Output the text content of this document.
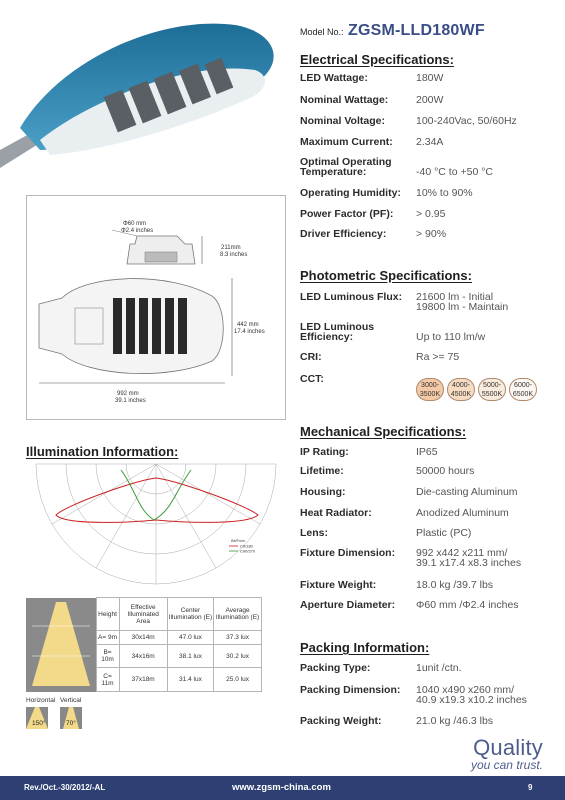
Φ60 mm
Φ2.4 inches
211mm
8.3 inches
442 mm
17.4 inches
992 mm
39.1 inches
Model No.: ZGSM-LLD180WF
Electrical Specifications:
LED Wattage:	180W
Nominal Wattage:	200W
Nominal Voltage:	100-240Vac, 50/60Hz
Maximum Current: 2.34A
Optimal Operating
Temperature:	-40 °C to +50 °C
Operating Humidity: 10% to 90%
Power Factor (PF): > 0.95
Driver Efficiency:	> 90%
Photometric Specifications:
LED Luminous Flux: 21600 lm - Initial
19800 lm - Maintain
LED Luminous
Efficiency:	Up to 110 lm/w
CRI:	Ra >= 75
CCT:
3000-
3500K
4000-
4500K
5000-
5500K
6000-
6500K
Mechanical Specifications:
IP Rating:	IP65
Lifetime:	50000 hours
Housing:	Die-casting Aluminum
Heat Radiator:	Anodized Aluminum
Lens:	Plastic (PC)
Fixture Dimension: 992 x442 x211 mm/
39.1 x17.4 x8.3 inches
Fixture Weight:	18.0 kg /39.7 lbs
Aperture Diameter: Φ60 mm /Φ2.4 inches
Packing Information:
Packing Type:	1unit /ctn.
Packing Dimension: 1040 x490 x260 mm/
40.9 x19.3 x10.2 inches
Packing Weight:	21.0 kg /46.3 lbs
Illumination Information:
IM/Fxxx
C0/180
C90/270
	Height	Effective Illuminated Area	Center Illumination (E)	Average Illumination (E)
	A= 9m	30x14m	47.0 lux	37.3 lux
	B= 10m	34x16m	38.1 lux	30.2 lux
	C= 11m	37x18m	31.4 lux	25.0 lux
Horizontal Vertical
150°	70°
Quality
you can trust.
Rev./Oct.-30/2012/-AL	www.zgsm-china.com	9
